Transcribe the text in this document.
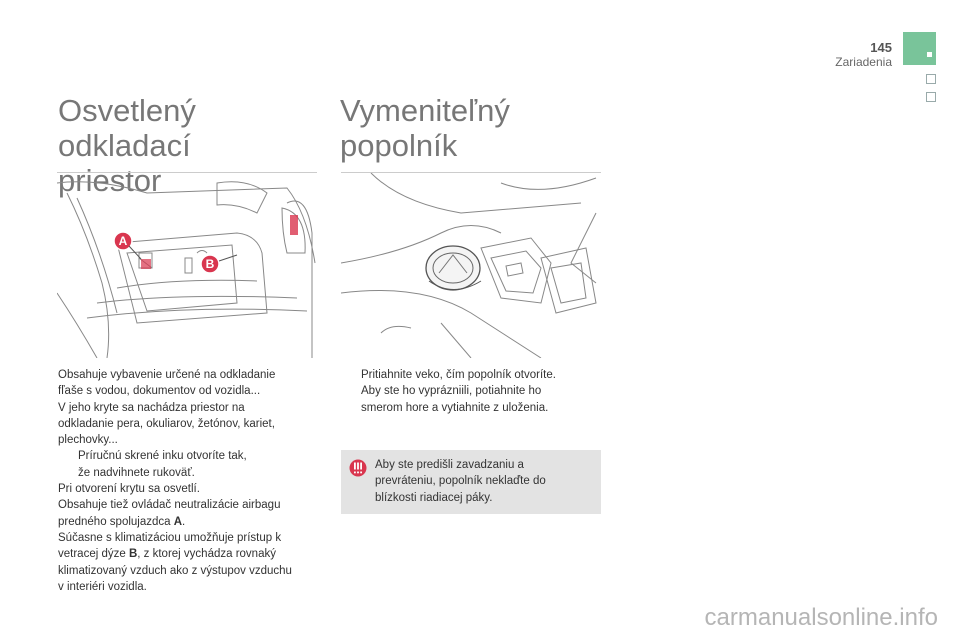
145
Zariadenia
Osvetlený odkladací
priestor
Vymeniteľný
popolník
A
B

Obsahuje vybavenie určené na odkladanie
fľaše s vodou, dokumentov od vozidla...

V jeho kryte sa nachádza priestor na
odkladanie pera, okuliarov, žetónov, kariet,
plechovky...

Príručnú skrené inku otvoríte tak,
že nadvihnete rukoväť.

Pri otvorení krytu sa osvetlí.

Obsahuje tiež ovládač neutralizácie airbagu
predného spolujazdca A.

Súčasne s klimatizáciou umožňuje prístup k
vetracej dýze B, z ktorej vychádza rovnaký
klimatizovaný vzduch ako z výstupov vzduchu
v interiéri vozidla.

Pritiahnite veko, čím popolník otvoríte.

Aby ste ho vyprázniili, potiahnite ho
smerom hore a vytiahnite z uloženia.

Aby ste predišli zavadzaniu a
prevráteniu, popolník neklaďte do
blízkosti riadiacej páky.
carmanualsonline.info
